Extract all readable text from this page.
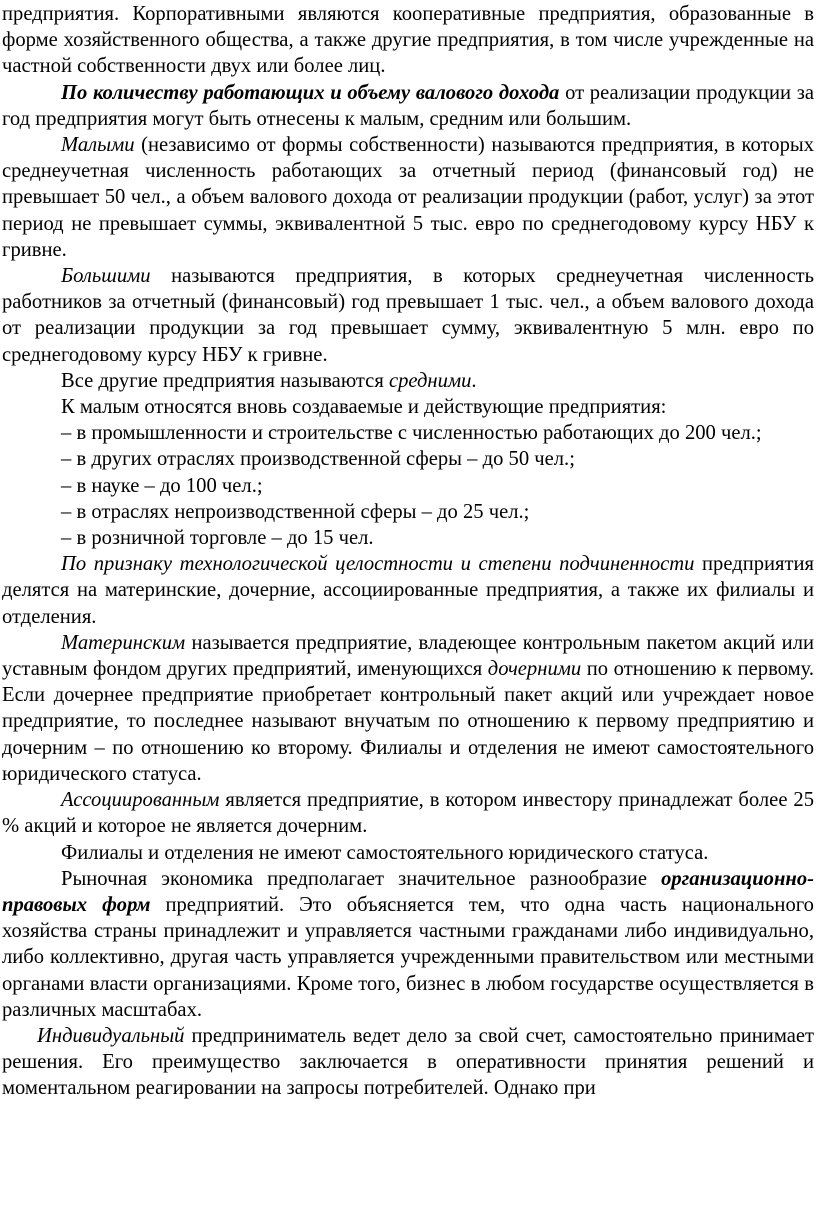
предприятия. Корпоративными являются кооперативные предприятия, образованные в форме хозяйственного общества, а также другие предприятия, в том числе учрежденные на частной собственности двух или более лиц.

По количеству работающих и объему валового дохода от реализации продукции за год предприятия могут быть отнесены к малым, средним или большим.

Малыми (независимо от формы собственности) называются предприятия, в которых среднеучетная численность работающих за отчетный период (финансовый год) не превышает 50 чел., а объем валового дохода от реализации продукции (работ, услуг) за этот период не превышает суммы, эквивалентной 5 тыс. евро по среднегодовому курсу НБУ к гривне.

Большими называются предприятия, в которых среднеучетная численность работников за отчетный (финансовый) год превышает 1 тыс. чел., а объем валового дохода от реализации продукции за год превышает сумму, эквивалентную 5 млн. евро по среднегодовому курсу НБУ к гривне.

Все другие предприятия называются средними.

К малым относятся вновь создаваемые и действующие предприятия:

– в промышленности и строительстве с численностью работающих до 200 чел.;

– в других отраслях производственной сферы – до 50 чел.;

– в науке – до 100 чел.;

– в отраслях непроизводственной сферы – до 25 чел.;

– в розничной торговле – до 15 чел.

По признаку технологической целостности и степени подчиненности предприятия делятся на материнские, дочерние, ассоциированные предприятия, а также их филиалы и отделения.

Материнским называется предприятие, владеющее контрольным пакетом акций или уставным фондом других предприятий, именующихся дочерними по отношению к первому. Если дочернее предприятие приобретает контрольный пакет акций или учреждает новое предприятие, то последнее называют внучатым по отношению к первому предприятию и дочерним – по отношению ко второму. Филиалы и отделения не имеют самостоятельного юридического статуса.

Ассоциированным является предприятие, в котором инвестору принадлежат более 25 % акций и которое не является дочерним.

Филиалы и отделения не имеют самостоятельного юридического статуса.

Рыночная экономика предполагает значительное разнообразие организационно-правовых форм предприятий. Это объясняется тем, что одна часть национального хозяйства страны принадлежит и управляется частными гражданами либо индивидуально, либо коллективно, другая часть управляется учрежденными правительством или местными органами власти организациями. Кроме того, бизнес в любом государстве осуществляется в различных масштабах.

Индивидуальный предприниматель ведет дело за свой счет, самостоятельно принимает решения. Его преимущество заключается в оперативности принятия решений и моментальном реагировании на запросы потребителей. Однако при
